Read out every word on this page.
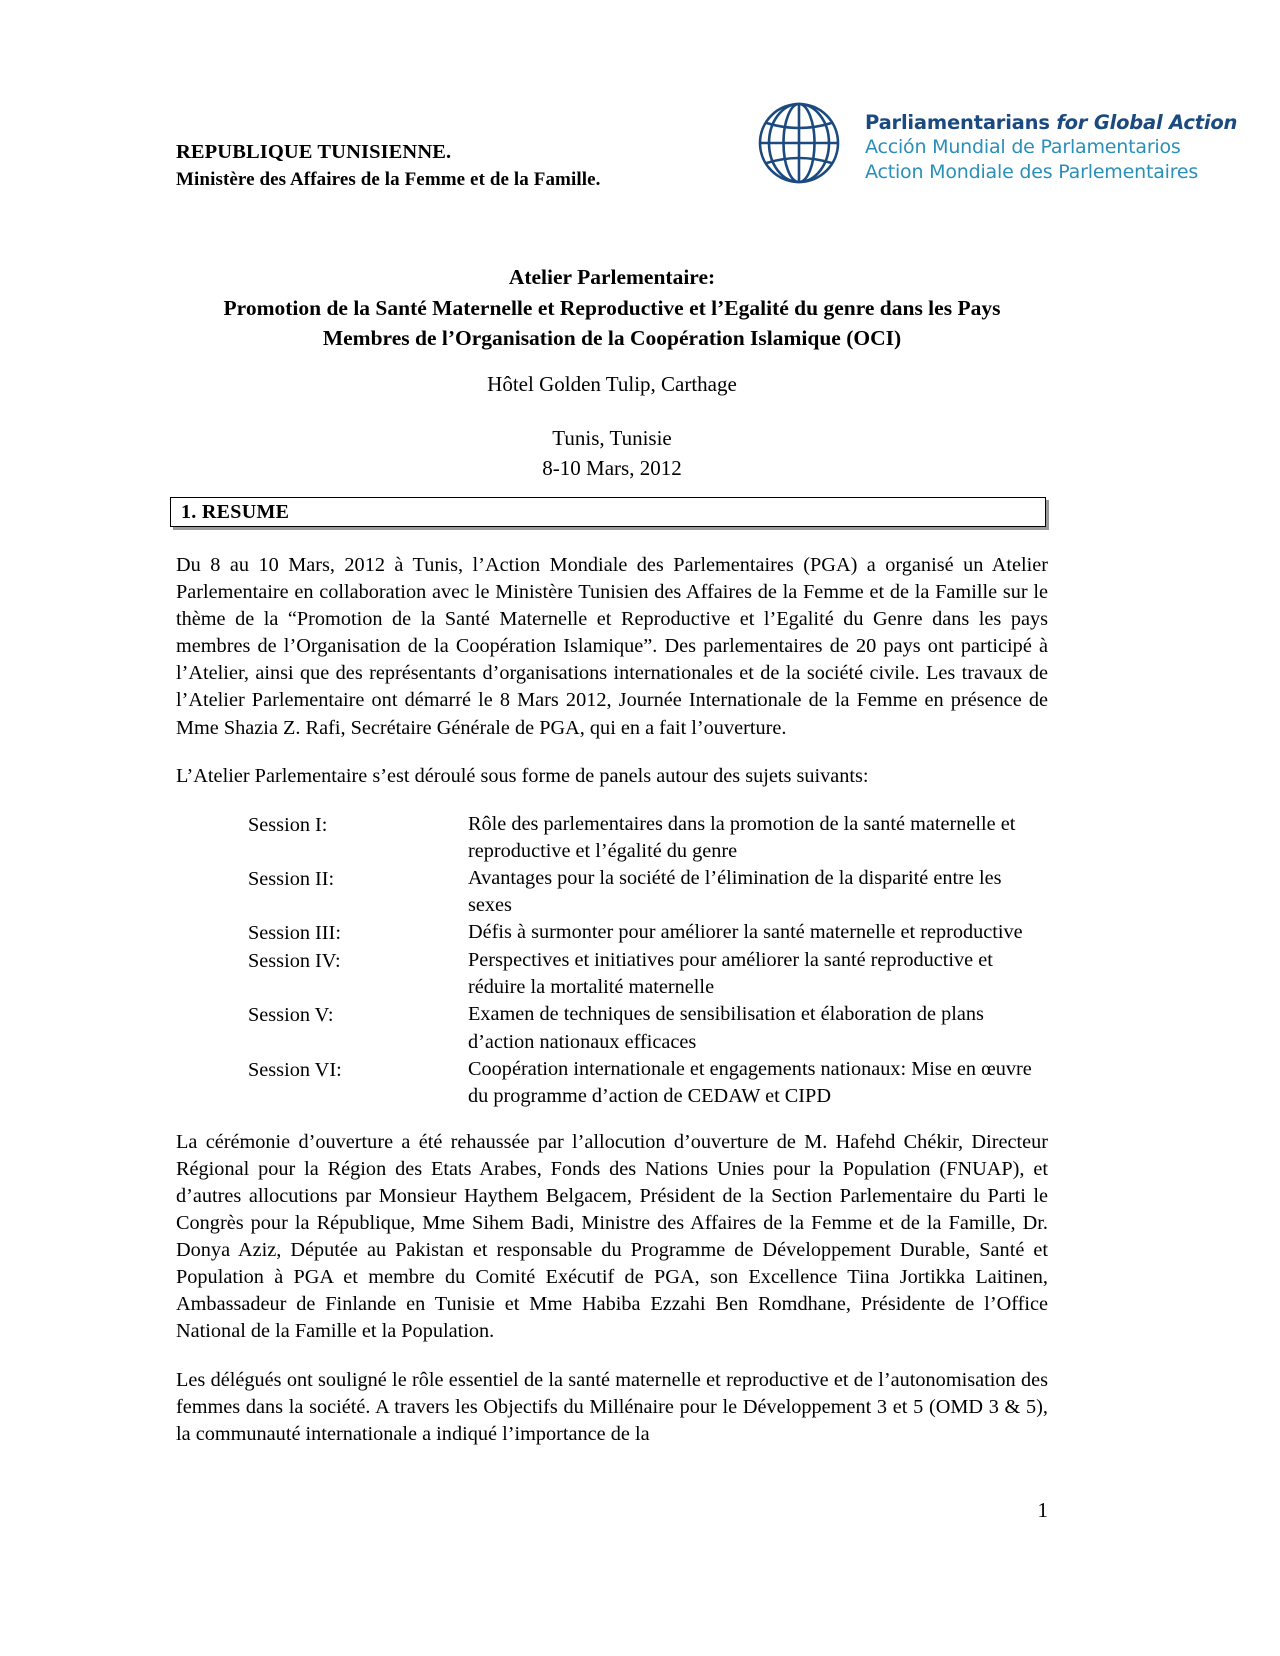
REPUBLIQUE TUNISIENNE.
Ministère des Affaires de la Femme et de la Famille.
Parliamentarians for Global Action
Acción Mundial de Parlamentarios
Action Mondiale des Parlementaires
Atelier Parlementaire:
Promotion de la Santé Maternelle et Reproductive et l’Egalité du genre dans les Pays
Membres de l’Organisation de la Coopération Islamique (OCI)
Hôtel Golden Tulip, Carthage
Tunis, Tunisie
8-10 Mars, 2012
1. RESUME

Du 8 au 10 Mars, 2012 à Tunis, l’Action Mondiale des Parlementaires (PGA) a organisé un Atelier Parlementaire en collaboration avec le Ministère Tunisien des Affaires de la Femme et de la Famille sur le thème de la “Promotion de la Santé Maternelle et Reproductive et l’Egalité du Genre dans les pays membres de l’Organisation de la Coopération Islamique”. Des parlementaires de 20 pays ont participé à l’Atelier, ainsi que des représentants d’organisations internationales et de la société civile. Les travaux de l’Atelier Parlementaire ont démarré le 8 Mars 2012, Journée Internationale de la Femme en présence de Mme Shazia Z. Rafi, Secrétaire Générale de PGA, qui en a fait l’ouverture.

L’Atelier Parlementaire s’est déroulé sous forme de panels autour des sujets suivants:

Session I:	Rôle des parlementaires dans la promotion de la santé maternelle et reproductive et l’égalité du genre
Session II:	Avantages pour la société de l’élimination de la disparité entre les sexes
Session III:	Défis à surmonter pour améliorer la santé maternelle et reproductive
Session IV:	Perspectives et initiatives pour améliorer la santé reproductive et réduire la mortalité maternelle
Session V:	Examen de techniques de sensibilisation et élaboration de plans d’action nationaux efficaces
Session VI:	Coopération internationale et engagements nationaux: Mise en œuvre du programme d’action de CEDAW et CIPD

La cérémonie d’ouverture a été rehaussée par l’allocution d’ouverture de M. Hafehd Chékir, Directeur Régional pour la Région des Etats Arabes, Fonds des Nations Unies pour la Population (FNUAP), et d’autres allocutions par Monsieur Haythem Belgacem, Président de la Section Parlementaire du Parti le Congrès pour la République, Mme Sihem Badi, Ministre des Affaires de la Femme et de la Famille, Dr. Donya Aziz, Députée au Pakistan et responsable du Programme de Développement Durable, Santé et Population à PGA et membre du Comité Exécutif de PGA, son Excellence Tiina Jortikka Laitinen, Ambassadeur de Finlande en Tunisie et Mme Habiba Ezzahi Ben Romdhane, Présidente de l’Office National de la Famille et la Population.

Les délégués ont souligné le rôle essentiel de la santé maternelle et reproductive et de l’autonomisation des femmes dans la société. A travers les Objectifs du Millénaire pour le Développement 3 et 5 (OMD 3 & 5), la communauté internationale a indiqué l’importance de la

1
